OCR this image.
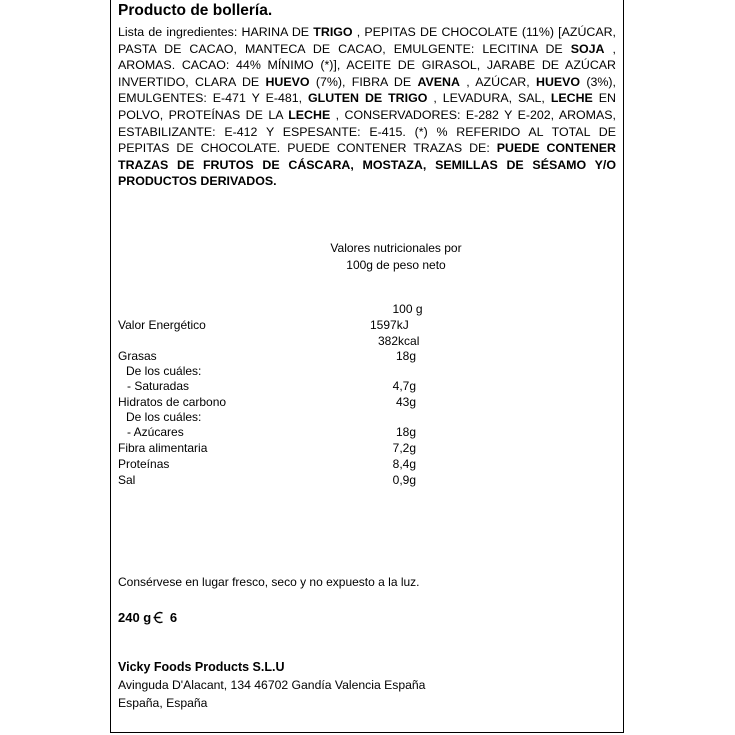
Producto de bollería.
Lista de ingredientes: HARINA DE TRIGO , PEPITAS DE CHOCOLATE (11%) [AZÚCAR, PASTA DE CACAO, MANTECA DE CACAO, EMULGENTE: LECITINA DE SOJA , AROMAS. CACAO: 44% MÍNIMO (*)], ACEITE DE GIRASOL, JARABE DE AZÚCAR INVERTIDO, CLARA DE HUEVO (7%), FIBRA DE AVENA , AZÚCAR, HUEVO (3%), EMULGENTES: E-471 Y E-481, GLUTEN DE TRIGO , LEVADURA, SAL, LECHE EN POLVO, PROTEÍNAS DE LA LECHE , CONSERVADORES: E-282 Y E-202, AROMAS, ESTABILIZANTE: E-412 Y ESPESANTE: E-415. (*) % REFERIDO AL TOTAL DE PEPITAS DE CHOCOLATE. PUEDE CONTENER TRAZAS DE: PUEDE CONTENER TRAZAS DE FRUTOS DE CÁSCARA, MOSTAZA, SEMILLAS DE SÉSAMO Y/O PRODUCTOS DERIVADOS.
Valores nutricionales por
100g de peso neto
100 g
Valor Energético	1597kJ
382kcal
Grasas	18g
De los cuáles:
- Saturadas	4,7g
Hidratos de carbono	43g
De los cuáles:
- Azúcares	18g
Fibra alimentaria	7,2g
Proteínas	8,4g
Sal	0,9g
Consérvese en lugar fresco, seco y no expuesto a la luz.
240 g 6
Vicky Foods Products S.L.U
Avinguda D'Alacant, 134 46702 Gandía Valencia España
España, España
